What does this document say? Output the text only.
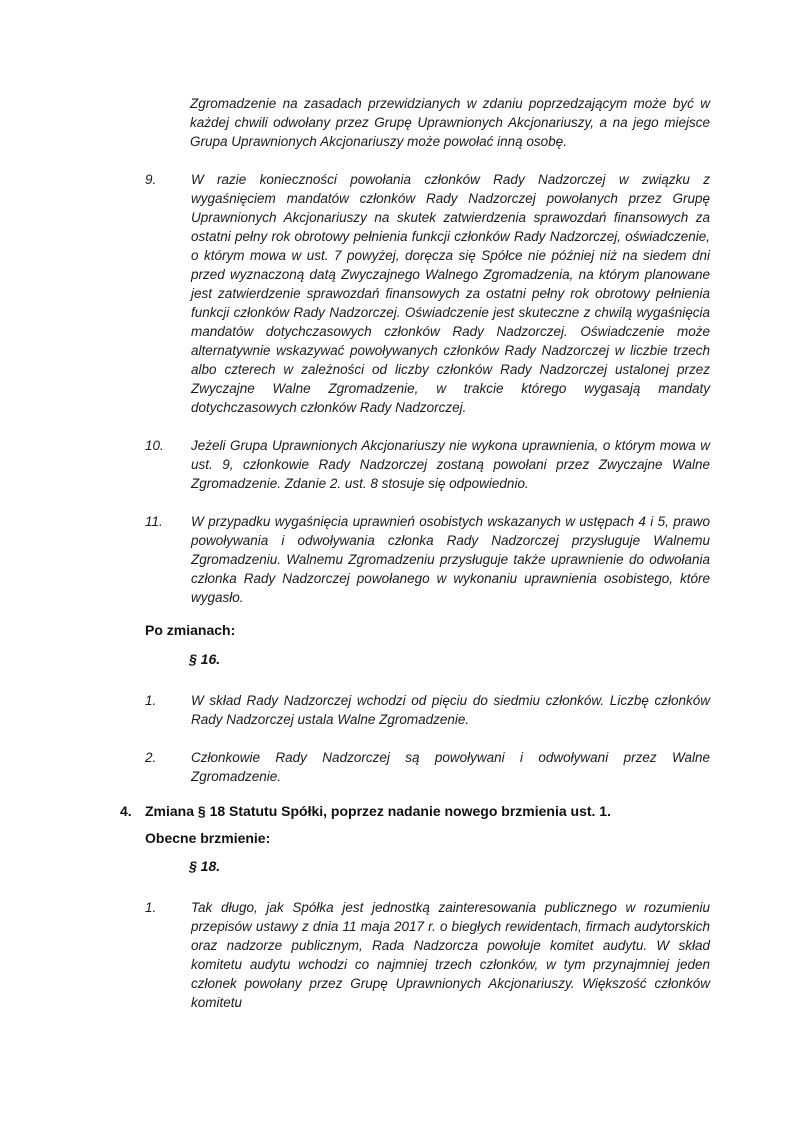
Zgromadzenie na zasadach przewidzianych w zdaniu poprzedzającym może być w każdej chwili odwołany przez Grupę Uprawnionych Akcjonariuszy, a na jego miejsce Grupa Uprawnionych Akcjonariuszy może powołać inną osobę.
9.	W razie konieczności powołania członków Rady Nadzorczej w związku z wygaśnięciem mandatów członków Rady Nadzorczej powołanych przez Grupę Uprawnionych Akcjonariuszy na skutek zatwierdzenia sprawozdań finansowych za ostatni pełny rok obrotowy pełnienia funkcji członków Rady Nadzorczej, oświadczenie, o którym mowa w ust. 7 powyżej, doręcza się Spółce nie później niż na siedem dni przed wyznaczoną datą Zwyczajnego Walnego Zgromadzenia, na którym planowane jest zatwierdzenie sprawozdań finansowych za ostatni pełny rok obrotowy pełnienia funkcji członków Rady Nadzorczej. Oświadczenie jest skuteczne z chwilą wygaśnięcia mandatów dotychczasowych członków Rady Nadzorczej. Oświadczenie może alternatywnie wskazywać powoływanych członków Rady Nadzorczej w liczbie trzech albo czterech w zależności od liczby członków Rady Nadzorczej ustalonej przez Zwyczajne Walne Zgromadzenie, w trakcie którego wygasają mandaty dotychczasowych członków Rady Nadzorczej.
10.	Jeżeli Grupa Uprawnionych Akcjonariuszy nie wykona uprawnienia, o którym mowa w ust. 9, członkowie Rady Nadzorczej zostaną powołani przez Zwyczajne Walne Zgromadzenie. Zdanie 2. ust. 8 stosuje się odpowiednio.
11.	W przypadku wygaśnięcia uprawnień osobistych wskazanych w ustępach 4 i 5, prawo powoływania i odwoływania członka Rady Nadzorczej przysługuje Walnemu Zgromadzeniu. Walnemu Zgromadzeniu przysługuje także uprawnienie do odwołania członka Rady Nadzorczej powołanego w wykonaniu uprawnienia osobistego, które wygasło.
Po zmianach:
§ 16.
1.	W skład Rady Nadzorczej wchodzi od pięciu do siedmiu członków. Liczbę członków Rady Nadzorczej ustala Walne Zgromadzenie.
2.	Członkowie Rady Nadzorczej są powoływani i odwoływani przez Walne Zgromadzenie.
4. Zmiana § 18 Statutu Spółki, poprzez nadanie nowego brzmienia ust. 1.
Obecne brzmienie:
§ 18.
1.	Tak długo, jak Spółka jest jednostką zainteresowania publicznego w rozumieniu przepisów ustawy z dnia 11 maja 2017 r. o biegłych rewidentach, firmach audytorskich oraz nadzorze publicznym, Rada Nadzorcza powołuje komitet audytu. W skład komitetu audytu wchodzi co najmniej trzech członków, w tym przynajmniej jeden członek powołany przez Grupę Uprawnionych Akcjonariuszy. Większość członków komitetu
